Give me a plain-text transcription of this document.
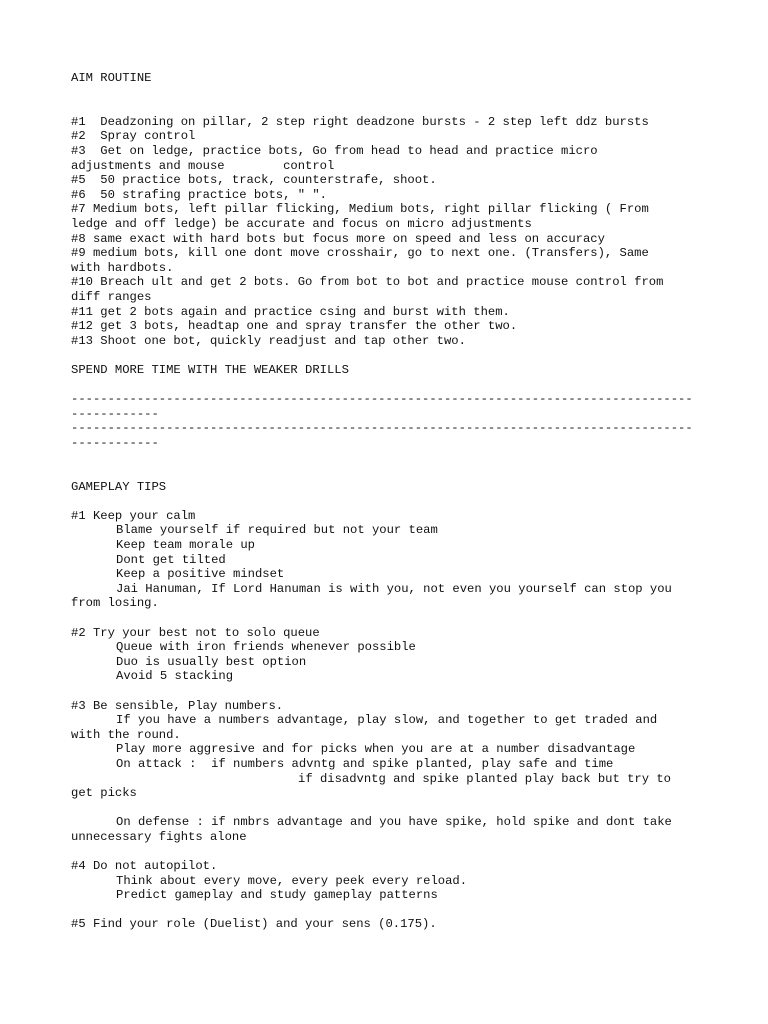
AIM ROUTINE
#1  Deadzoning on pillar, 2 step right deadzone bursts - 2 step left ddz bursts
#2  Spray control
#3  Get on ledge, practice bots, Go from head to head and practice micro
adjustments and mouse        control
#5  50 practice bots, track, counterstrafe, shoot.
#6  50 strafing practice bots, " ".
#7 Medium bots, left pillar flicking, Medium bots, right pillar flicking ( From
ledge and off ledge) be accurate and focus on micro adjustments
#8 same exact with hard bots but focus more on speed and less on accuracy
#9 medium bots, kill one dont move crosshair, go to next one. (Transfers), Same
with hardbots.
#10 Breach ult and get 2 bots. Go from bot to bot and practice mouse control from
diff ranges
#11 get 2 bots again and practice csing and burst with them.
#12 get 3 bots, headtap one and spray transfer the other two.
#13 Shoot one bot, quickly readjust and tap other two.
SPEND MORE TIME WITH THE WEAKER DRILLS
-------------------------------------------------------------------------------------
------------
-------------------------------------------------------------------------------------
------------
GAMEPLAY TIPS
#1 Keep your calm
Blame yourself if required but not your team
Keep team morale up
Dont get tilted
Keep a positive mindset
Jai Hanuman, If Lord Hanuman is with you, not even you yourself can stop you
from losing.
#2 Try your best not to solo queue
Queue with iron friends whenever possible
Duo is usually best option
Avoid 5 stacking
#3 Be sensible, Play numbers.
If you have a numbers advantage, play slow, and together to get traded and
with the round.
Play more aggresive and for picks when you are at a number disadvantage
On attack :  if numbers advntg and spike planted, play safe and time
if disadvntg and spike planted play back but try to
get picks
On defense : if nmbrs advantage and you have spike, hold spike and dont take
unnecessary fights alone
#4 Do not autopilot.
Think about every move, every peek every reload.
Predict gameplay and study gameplay patterns
#5 Find your role (Duelist) and your sens (0.175).
